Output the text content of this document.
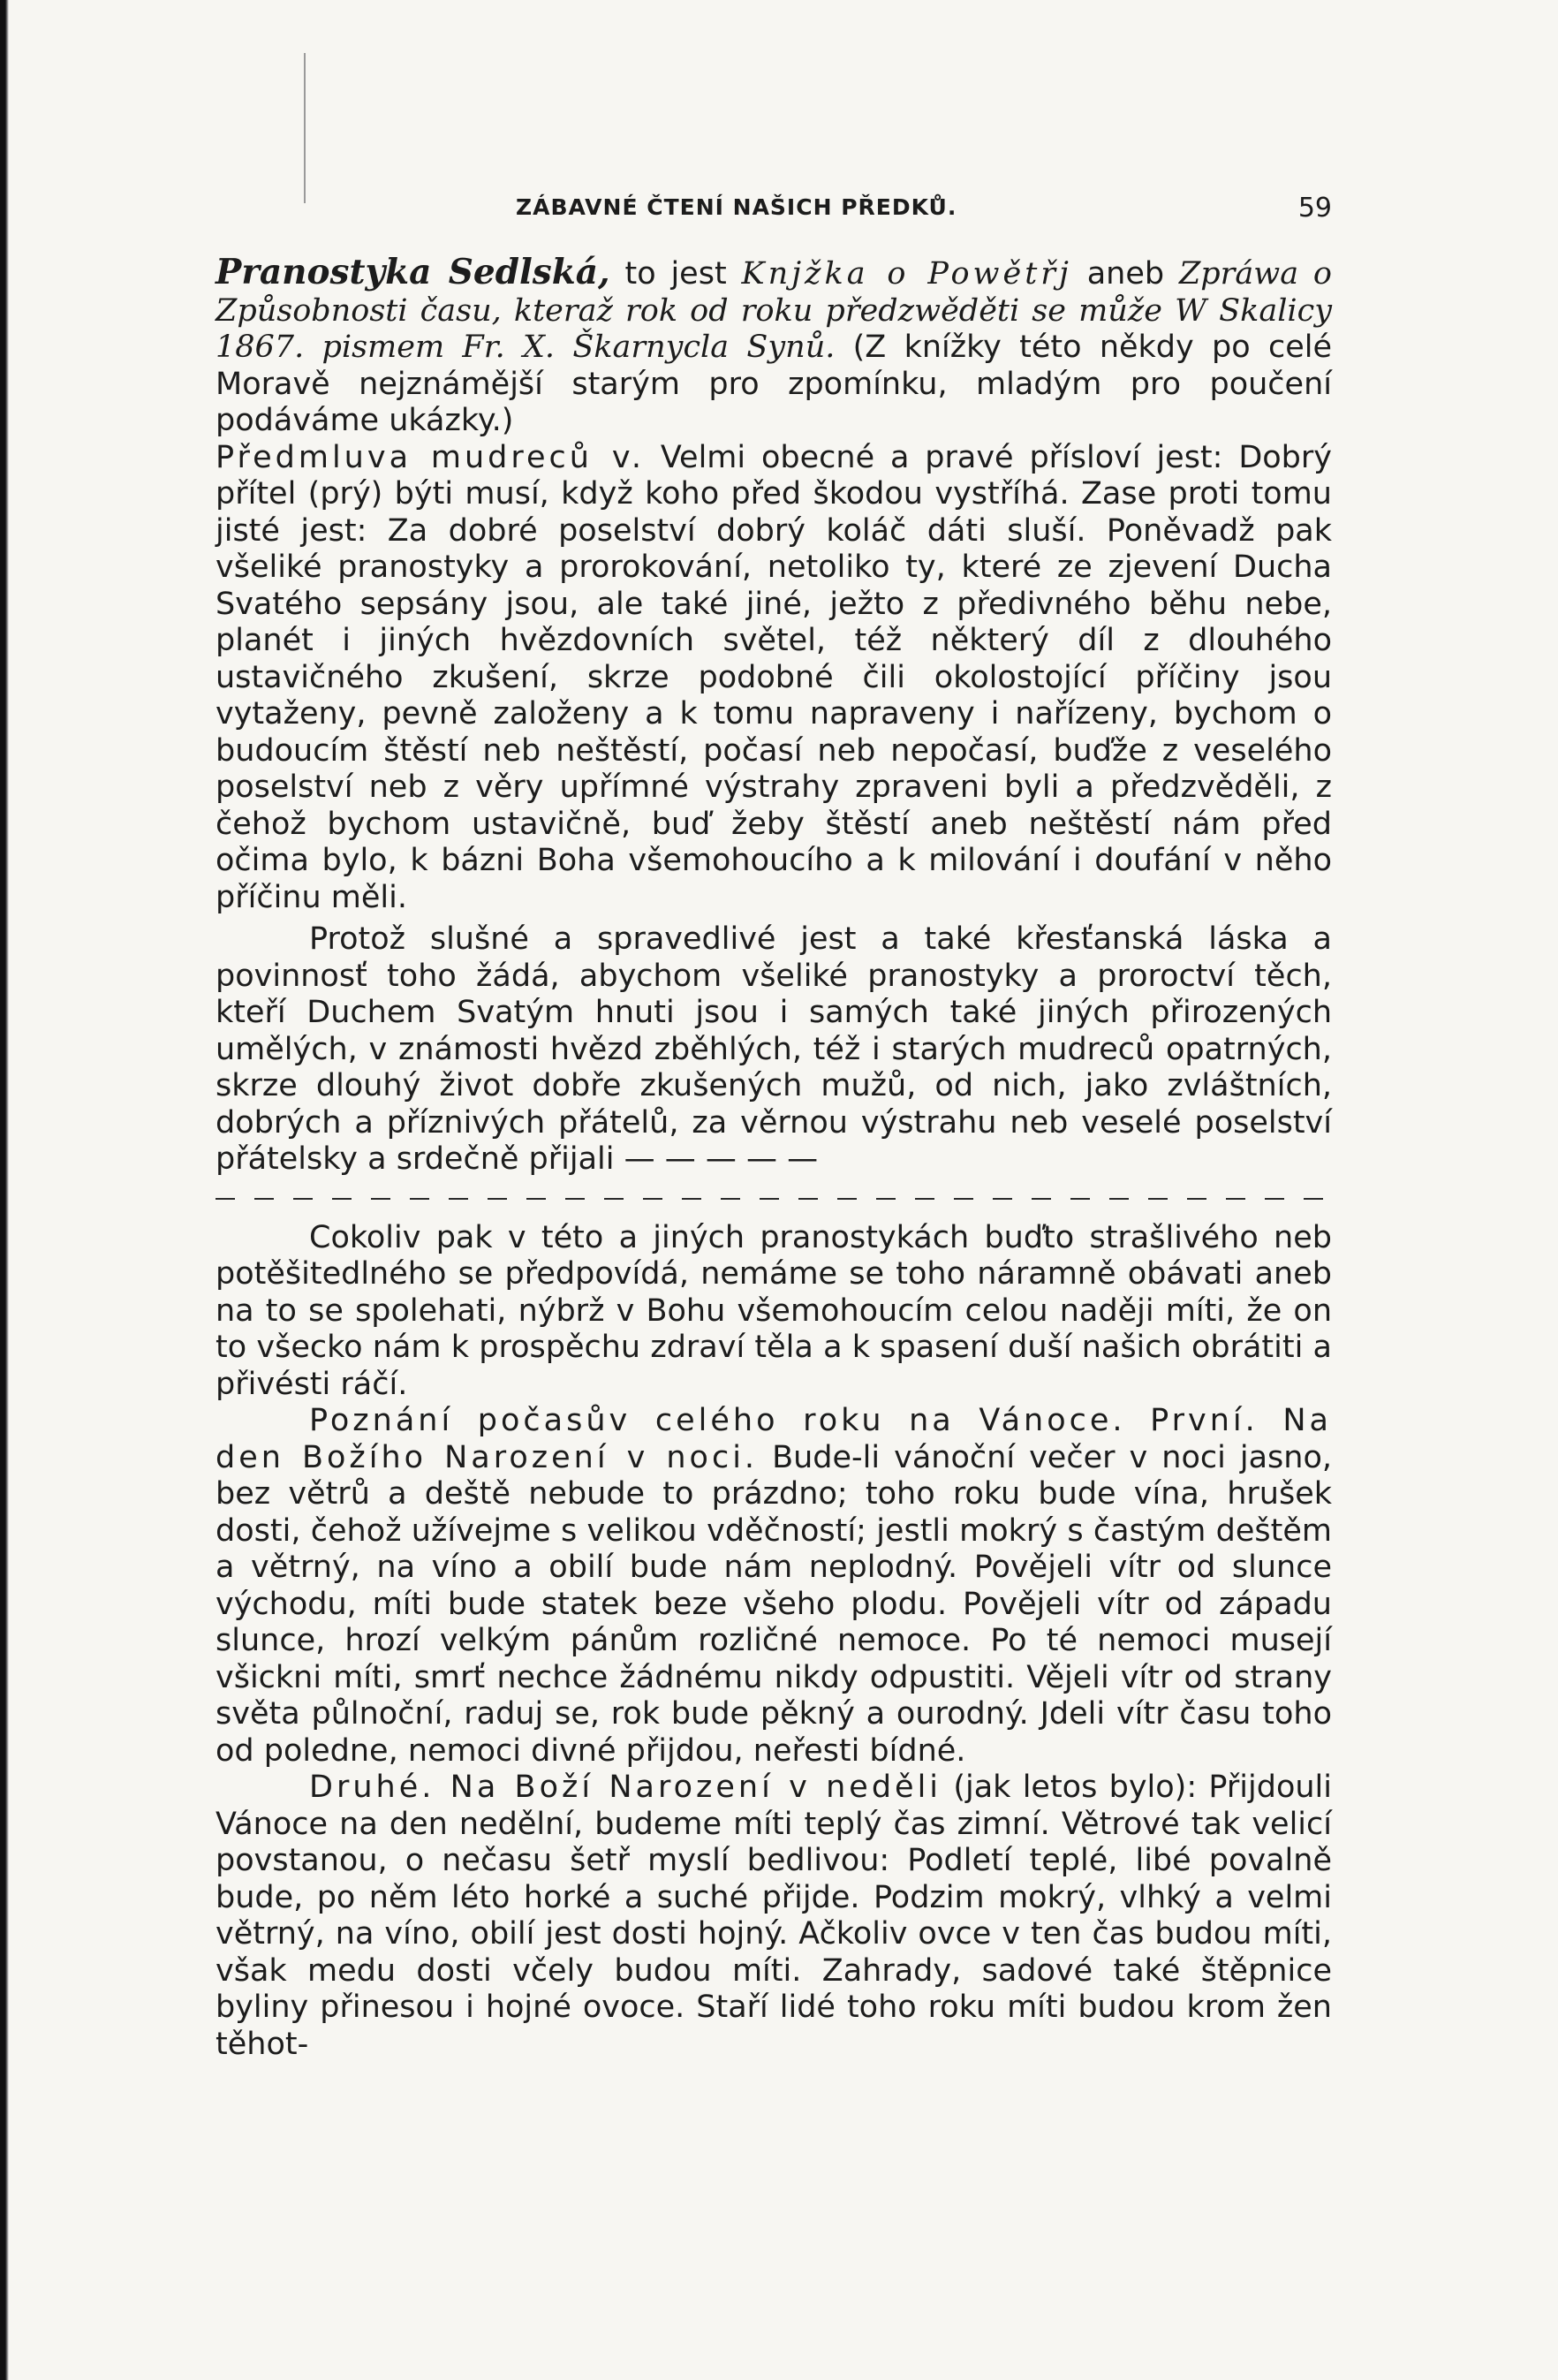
ZÁBAVNÉ ČTENÍ NAŠICH PŘEDKŮ.	59

Pranostyka Sedlská, to jest Knjžka o Powětřj aneb Zpráwa o Způsobnosti času, kteraž rok od roku předzwěděti se může W Skalicy 1867. pismem Fr. X. Škarnycla Synů. (Z knížky této někdy po celé Moravě nejznámější starým pro zpomínku, mladým pro poučení podáváme ukázky.)

Předmluva mudreců v. Velmi obecné a pravé přísloví jest: Dobrý přítel (prý) býti musí, když koho před škodou vystříhá. Zase proti tomu jisté jest: Za dobré poselství dobrý koláč dáti sluší. Poněvadž pak všeliké pranostyky a prorokování, netoliko ty, které ze zjevení Ducha Svatého sepsány jsou, ale také jiné, ježto z předivného běhu nebe, planét i jiných hvězdovních světel, též některý díl z dlouhého ustavičného zkušení, skrze podobné čili okolostojící příčiny jsou vytaženy, pevně založeny a k tomu napraveny i nařízeny, bychom o budoucím štěstí neb neštěstí, počasí neb nepočasí, buďže z veselého poselství neb z věry upřímné výstrahy zpraveni byli a předzvěděli, z čehož bychom ustavičně, buď žeby štěstí aneb neštěstí nám před očima bylo, k bázni Boha všemohoucího a k milování i doufání v něho příčinu měli.

Protož slušné a spravedlivé jest a také křesťanská láska a povinnosť toho žádá, abychom všeliké pranostyky a proroctví těch, kteří Duchem Svatým hnuti jsou i samých také jiných přirozených umělých, v známosti hvězd zběhlých, též i starých mudreců opatrných, skrze dlouhý život dobře zkušených mužů, od nich, jako zvláštních, dobrých a příznivých přátelů, za věrnou výstrahu neb veselé poselství přátelsky a srdečně přijali — — — — —

Cokoliv pak v této a jiných pranostykách buďto strašlivého neb potěšitedlného se předpovídá, nemáme se toho náramně obávati aneb na to se spolehati, nýbrž v Bohu všemohoucím celou naději míti, že on to všecko nám k prospěchu zdraví těla a k spasení duší našich obrátiti a přivésti ráčí.

Poznání počasův celého roku na Vánoce. První. Na den Božího Narození v noci. Bude-li vánoční večer v noci jasno, bez větrů a deště nebude to prázdno; toho roku bude vína, hrušek dosti, čehož užívejme s velikou vděčností; jestli mokrý s častým deštěm a větrný, na víno a obilí bude nám neplodný. Povějeli vítr od slunce východu, míti bude statek beze všeho plodu. Povějeli vítr od západu slunce, hrozí velkým pánům rozličné nemoce. Po té nemoci musejí všickni míti, smrť nechce žádnému nikdy odpustiti. Vějeli vítr od strany světa půlnoční, raduj se, rok bude pěkný a ourodný. Jdeli vítr času toho od poledne, nemoci divné přijdou, neřesti bídné.

Druhé. Na Boží Narození v neděli (jak letos bylo): Přijdouli Vánoce na den nedělní, budeme míti teplý čas zimní. Větrové tak velicí povstanou, o nečasu šetř myslí bedlivou: Podletí teplé, libé povalně bude, po něm léto horké a suché přijde. Podzim mokrý, vlhký a velmi větrný, na víno, obilí jest dosti hojný. Ačkoliv ovce v ten čas budou míti, však medu dosti včely budou míti. Zahrady, sadové také štěpnice byliny přinesou i hojné ovoce. Staří lidé toho roku míti budou krom žen těhot-
